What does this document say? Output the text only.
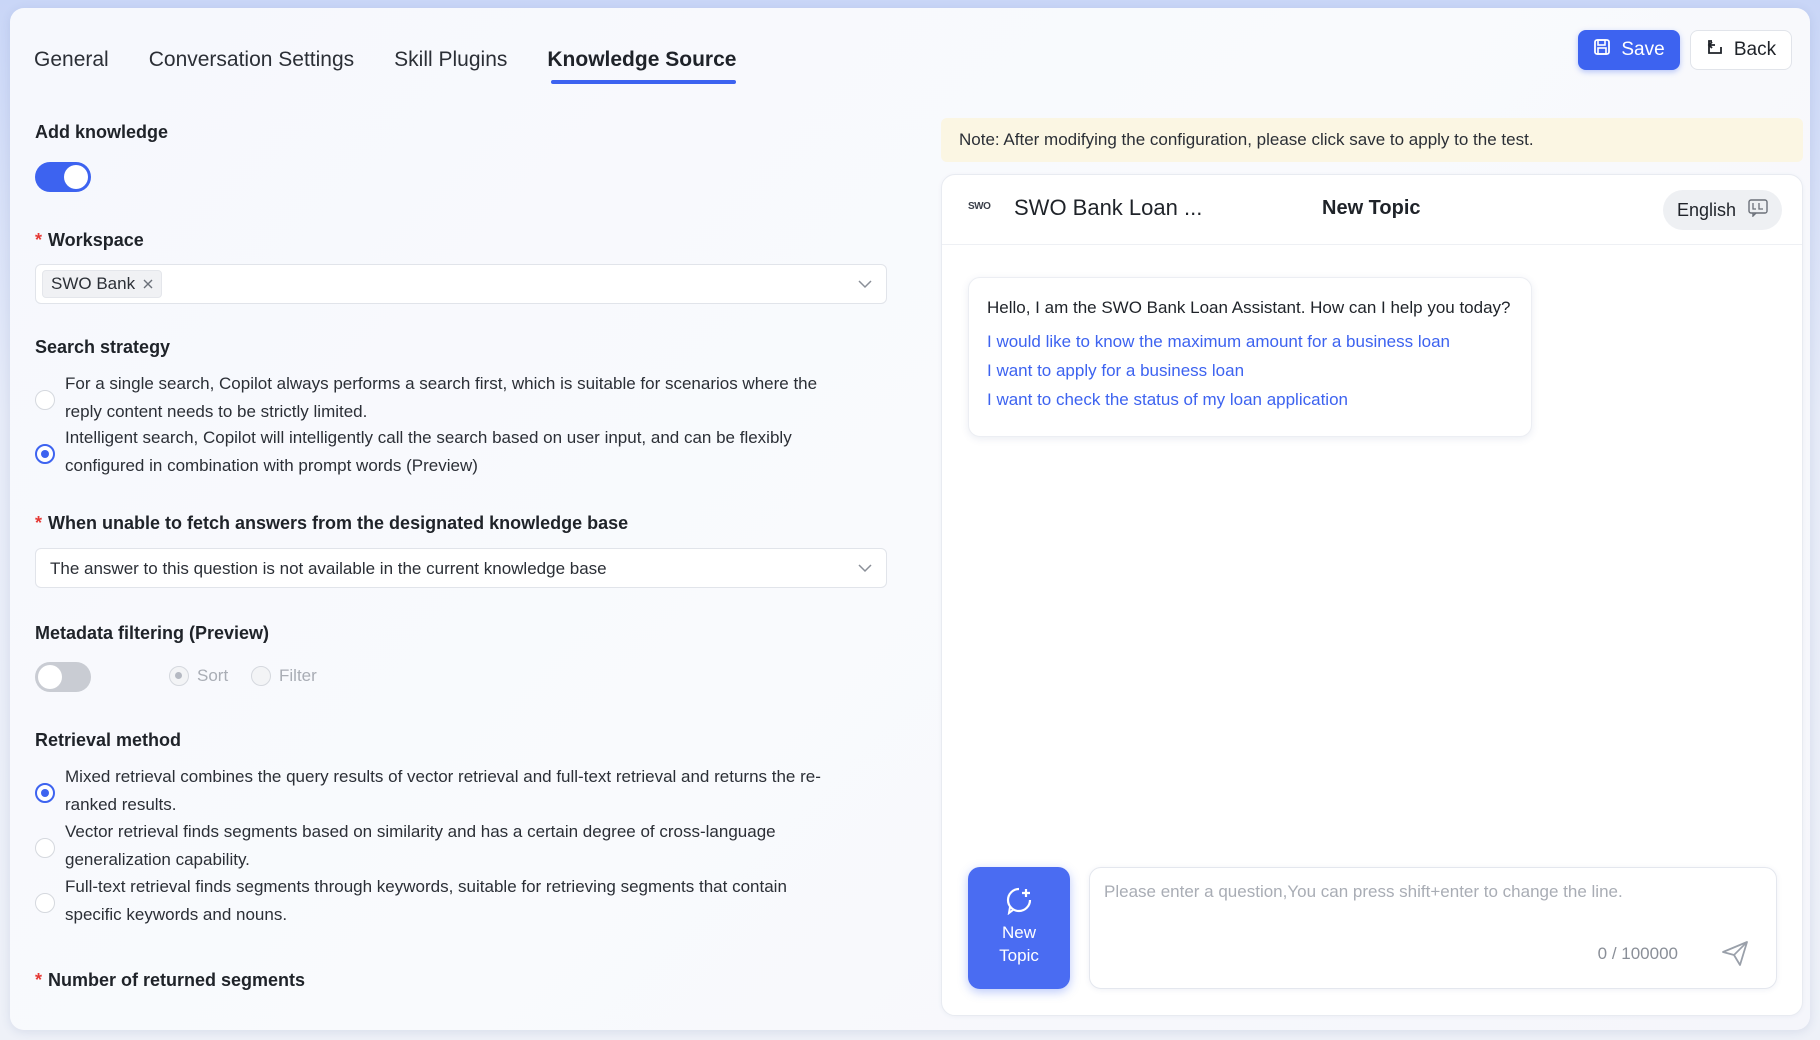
General Conversation Settings Skill Plugins Knowledge Source	Save	Back
Add knowledge
* Workspace
SWO Bank
Search strategy
For a single search, Copilot always performs a search first, which is suitable for scenarios where the
reply content needs to be strictly limited.
Intelligent search, Copilot will intelligently call the search based on user input, and can be flexibly
configured in combination with prompt words (Preview)
* When unable to fetch answers from the designated knowledge base
The answer to this question is not available in the current knowledge base
Metadata filtering (Preview)
Sort	Filter
Retrieval method
Mixed retrieval combines the query results of vector retrieval and full-text retrieval and returns the re-
ranked results.
Vector retrieval finds segments based on similarity and has a certain degree of cross-language
generalization capability.
Full-text retrieval finds segments through keywords, suitable for retrieving segments that contain
specific keywords and nouns.
* Number of returned segments
Note: After modifying the configuration, please click save to apply to the test.
SWO SWO Bank Loan ...	New Topic	English
Hello, I am the SWO Bank Loan Assistant. How can I help you today?
I would like to know the maximum amount for a business loan
I want to apply for a business loan
I want to check the status of my loan application
New
Topic
Please enter a question,You can press shift+enter to change the line.	0 / 100000
